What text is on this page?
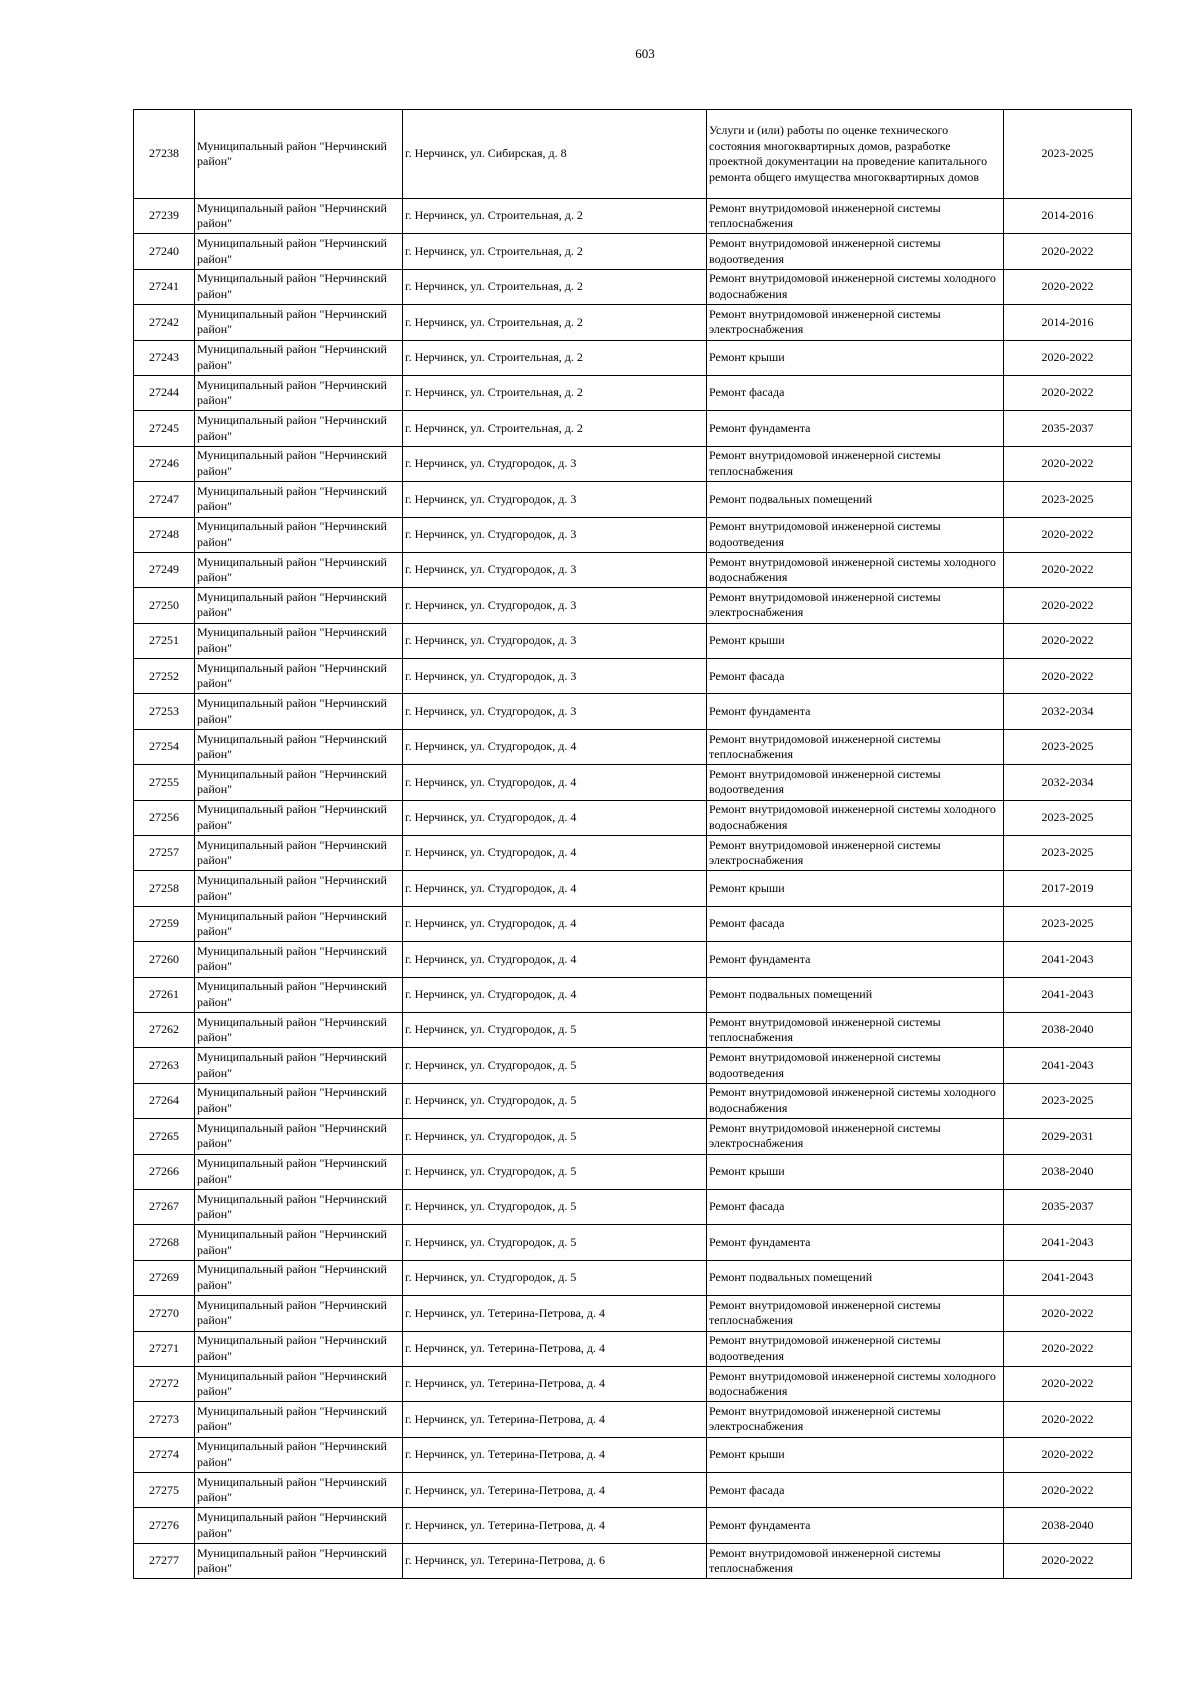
603
27238	Муниципальный район "Нерчинский район"	г. Нерчинск, ул. Сибирская, д. 8	Услуги и (или) работы по оценке технического состояния многоквартирных домов, разработке проектной документации на проведение капитального ремонта общего имущества многоквартирных домов	2023-2025
27239	Муниципальный район "Нерчинский район"	г. Нерчинск, ул. Строительная, д. 2	Ремонт внутридомовой инженерной системы теплоснабжения	2014-2016
27240	Муниципальный район "Нерчинский район"	г. Нерчинск, ул. Строительная, д. 2	Ремонт внутридомовой инженерной системы водоотведения	2020-2022
27241	Муниципальный район "Нерчинский район"	г. Нерчинск, ул. Строительная, д. 2	Ремонт внутридомовой инженерной системы холодного водоснабжения	2020-2022
27242	Муниципальный район "Нерчинский район"	г. Нерчинск, ул. Строительная, д. 2	Ремонт внутридомовой инженерной системы электроснабжения	2014-2016
27243	Муниципальный район "Нерчинский район"	г. Нерчинск, ул. Строительная, д. 2	Ремонт крыши	2020-2022
27244	Муниципальный район "Нерчинский район"	г. Нерчинск, ул. Строительная, д. 2	Ремонт фасада	2020-2022
27245	Муниципальный район "Нерчинский район"	г. Нерчинск, ул. Строительная, д. 2	Ремонт фундамента	2035-2037
27246	Муниципальный район "Нерчинский район"	г. Нерчинск, ул. Студгородок, д. 3	Ремонт внутридомовой инженерной системы теплоснабжения	2020-2022
27247	Муниципальный район "Нерчинский район"	г. Нерчинск, ул. Студгородок, д. 3	Ремонт подвальных помещений	2023-2025
27248	Муниципальный район "Нерчинский район"	г. Нерчинск, ул. Студгородок, д. 3	Ремонт внутридомовой инженерной системы водоотведения	2020-2022
27249	Муниципальный район "Нерчинский район"	г. Нерчинск, ул. Студгородок, д. 3	Ремонт внутридомовой инженерной системы холодного водоснабжения	2020-2022
27250	Муниципальный район "Нерчинский район"	г. Нерчинск, ул. Студгородок, д. 3	Ремонт внутридомовой инженерной системы электроснабжения	2020-2022
27251	Муниципальный район "Нерчинский район"	г. Нерчинск, ул. Студгородок, д. 3	Ремонт крыши	2020-2022
27252	Муниципальный район "Нерчинский район"	г. Нерчинск, ул. Студгородок, д. 3	Ремонт фасада	2020-2022
27253	Муниципальный район "Нерчинский район"	г. Нерчинск, ул. Студгородок, д. 3	Ремонт фундамента	2032-2034
27254	Муниципальный район "Нерчинский район"	г. Нерчинск, ул. Студгородок, д. 4	Ремонт внутридомовой инженерной системы теплоснабжения	2023-2025
27255	Муниципальный район "Нерчинский район"	г. Нерчинск, ул. Студгородок, д. 4	Ремонт внутридомовой инженерной системы водоотведения	2032-2034
27256	Муниципальный район "Нерчинский район"	г. Нерчинск, ул. Студгородок, д. 4	Ремонт внутридомовой инженерной системы холодного водоснабжения	2023-2025
27257	Муниципальный район "Нерчинский район"	г. Нерчинск, ул. Студгородок, д. 4	Ремонт внутридомовой инженерной системы электроснабжения	2023-2025
27258	Муниципальный район "Нерчинский район"	г. Нерчинск, ул. Студгородок, д. 4	Ремонт крыши	2017-2019
27259	Муниципальный район "Нерчинский район"	г. Нерчинск, ул. Студгородок, д. 4	Ремонт фасада	2023-2025
27260	Муниципальный район "Нерчинский район"	г. Нерчинск, ул. Студгородок, д. 4	Ремонт фундамента	2041-2043
27261	Муниципальный район "Нерчинский район"	г. Нерчинск, ул. Студгородок, д. 4	Ремонт подвальных помещений	2041-2043
27262	Муниципальный район "Нерчинский район"	г. Нерчинск, ул. Студгородок, д. 5	Ремонт внутридомовой инженерной системы теплоснабжения	2038-2040
27263	Муниципальный район "Нерчинский район"	г. Нерчинск, ул. Студгородок, д. 5	Ремонт внутридомовой инженерной системы водоотведения	2041-2043
27264	Муниципальный район "Нерчинский район"	г. Нерчинск, ул. Студгородок, д. 5	Ремонт внутридомовой инженерной системы холодного водоснабжения	2023-2025
27265	Муниципальный район "Нерчинский район"	г. Нерчинск, ул. Студгородок, д. 5	Ремонт внутридомовой инженерной системы электроснабжения	2029-2031
27266	Муниципальный район "Нерчинский район"	г. Нерчинск, ул. Студгородок, д. 5	Ремонт крыши	2038-2040
27267	Муниципальный район "Нерчинский район"	г. Нерчинск, ул. Студгородок, д. 5	Ремонт фасада	2035-2037
27268	Муниципальный район "Нерчинский район"	г. Нерчинск, ул. Студгородок, д. 5	Ремонт фундамента	2041-2043
27269	Муниципальный район "Нерчинский район"	г. Нерчинск, ул. Студгородок, д. 5	Ремонт подвальных помещений	2041-2043
27270	Муниципальный район "Нерчинский район"	г. Нерчинск, ул. Тетерина-Петрова, д. 4	Ремонт внутридомовой инженерной системы теплоснабжения	2020-2022
27271	Муниципальный район "Нерчинский район"	г. Нерчинск, ул. Тетерина-Петрова, д. 4	Ремонт внутридомовой инженерной системы водоотведения	2020-2022
27272	Муниципальный район "Нерчинский район"	г. Нерчинск, ул. Тетерина-Петрова, д. 4	Ремонт внутридомовой инженерной системы холодного водоснабжения	2020-2022
27273	Муниципальный район "Нерчинский район"	г. Нерчинск, ул. Тетерина-Петрова, д. 4	Ремонт внутридомовой инженерной системы электроснабжения	2020-2022
27274	Муниципальный район "Нерчинский район"	г. Нерчинск, ул. Тетерина-Петрова, д. 4	Ремонт крыши	2020-2022
27275	Муниципальный район "Нерчинский район"	г. Нерчинск, ул. Тетерина-Петрова, д. 4	Ремонт фасада	2020-2022
27276	Муниципальный район "Нерчинский район"	г. Нерчинск, ул. Тетерина-Петрова, д. 4	Ремонт фундамента	2038-2040
27277	Муниципальный район "Нерчинский район"	г. Нерчинск, ул. Тетерина-Петрова, д. 6	Ремонт внутридомовой инженерной системы теплоснабжения	2020-2022
